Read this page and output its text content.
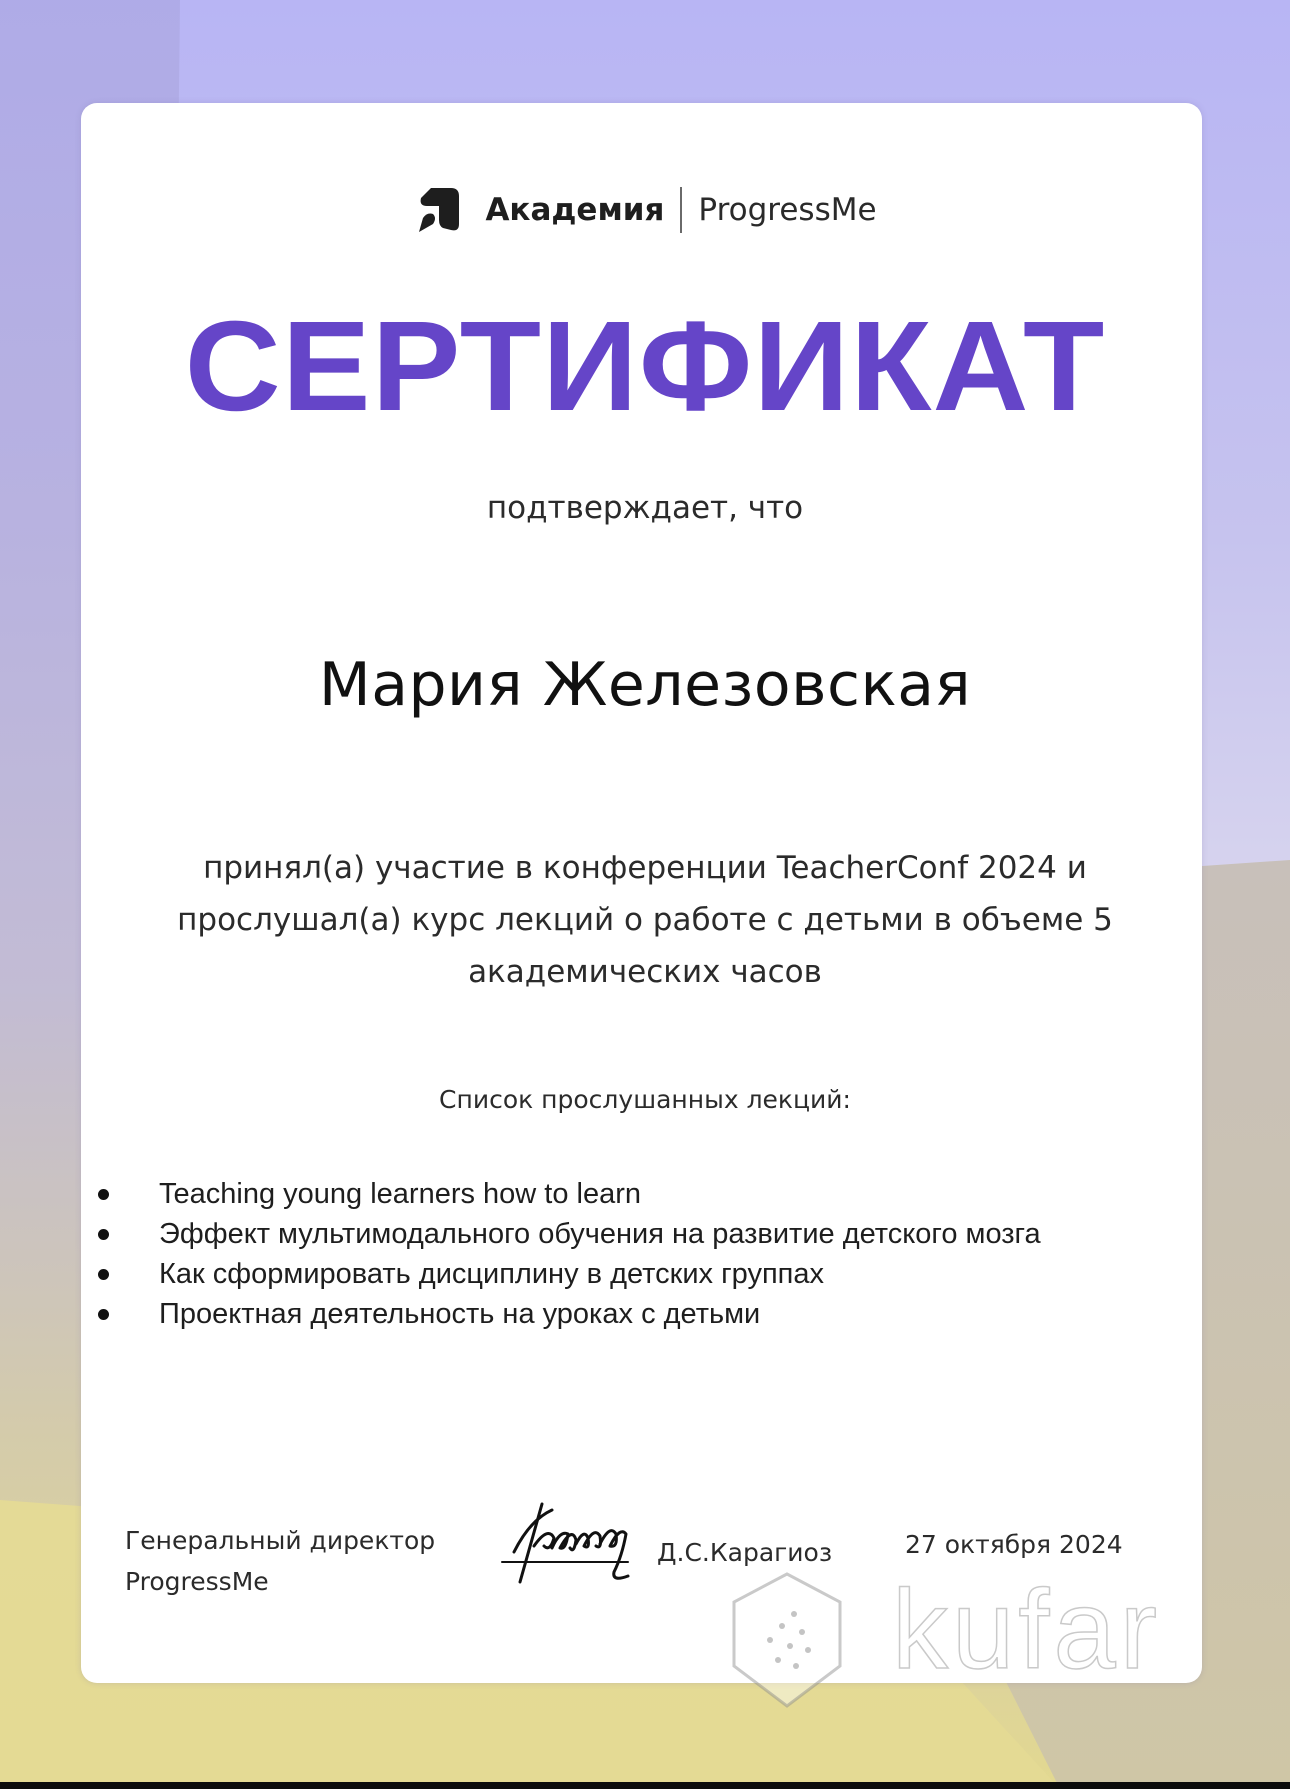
Академия ProgressMe
СЕРТИФИКАТ
подтверждает, что
Мария Железовская
принял(а) участие в конференции TeacherConf 2024 и
прослушал(а) курс лекций о работе с детьми в объеме 5
академических часов
Список прослушанных лекций:
Teaching young learners how to learn
Эффект мультимодального обучения на развитие детского мозга
Как сформировать дисциплину в детских группах
Проектная деятельность на уроках с детьми
Генеральный директор
ProgressMe
Д.С.Карагиоз	27 октября 2024
kufar
